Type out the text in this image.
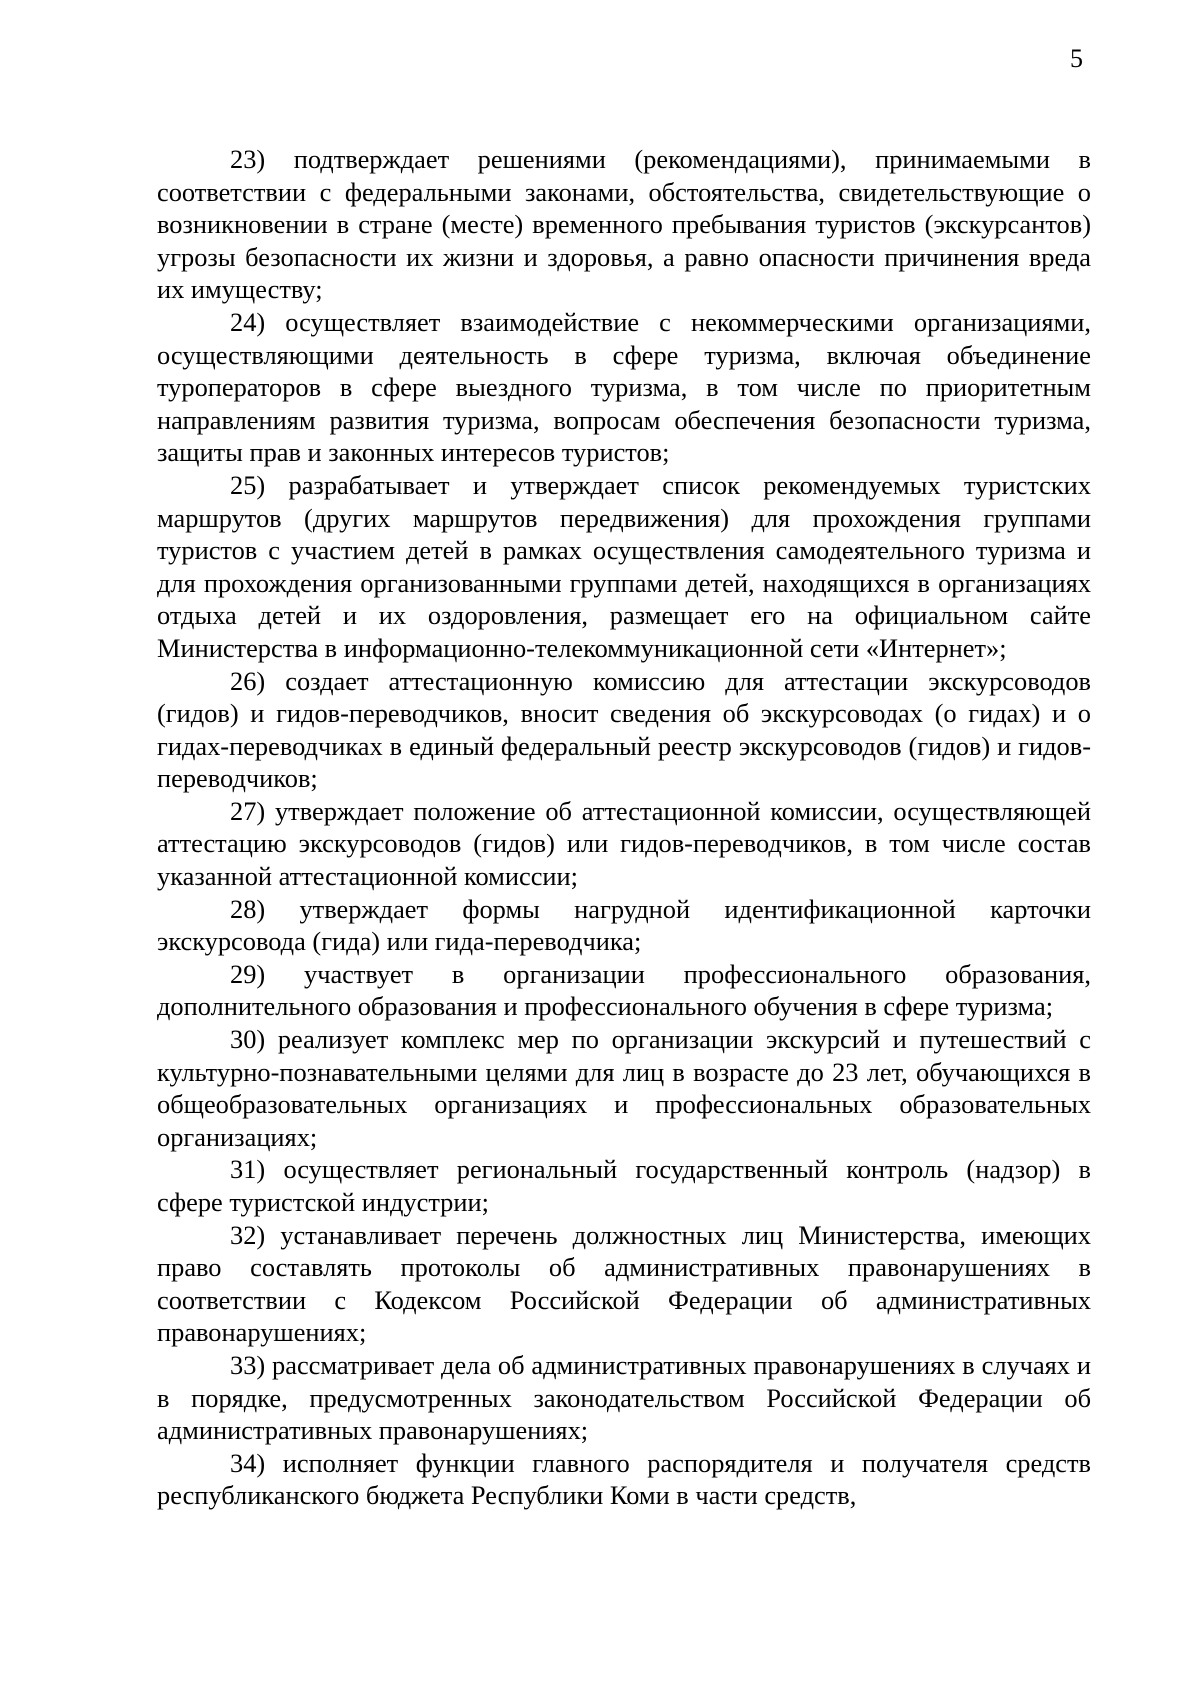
5

23) подтверждает решениями (рекомендациями), принимаемыми в соответствии с федеральными законами, обстоятельства, свидетельствующие о возникновении в стране (месте) временного пребывания туристов (экскурсантов) угрозы безопасности их жизни и здоровья, а равно опасности причинения вреда их имуществу;

24) осуществляет взаимодействие с некоммерческими организациями, осуществляющими деятельность в сфере туризма, включая объединение туроператоров в сфере выездного туризма, в том числе по приоритетным направлениям развития туризма, вопросам обеспечения безопасности туризма, защиты прав и законных интересов туристов;

25) разрабатывает и утверждает список рекомендуемых туристских маршрутов (других маршрутов передвижения) для прохождения группами туристов с участием детей в рамках осуществления самодеятельного туризма и для прохождения организованными группами детей, находящихся в организациях отдыха детей и их оздоровления, размещает его на официальном сайте Министерства в информационно-телекоммуникационной сети «Интернет»;

26) создает аттестационную комиссию для аттестации экскурсоводов (гидов) и гидов-переводчиков, вносит сведения об экскурсоводах (о гидах) и о гидах-переводчиках в единый федеральный реестр экскурсоводов (гидов) и гидов-переводчиков;

27) утверждает положение об аттестационной комиссии, осуществляющей аттестацию экскурсоводов (гидов) или гидов-переводчиков, в том числе состав указанной аттестационной комиссии;

28) утверждает формы нагрудной идентификационной карточки экскурсовода (гида) или гида-переводчика;

29) участвует в организации профессионального образования, дополнительного образования и профессионального обучения в сфере туризма;

30) реализует комплекс мер по организации экскурсий и путешествий с культурно-познавательными целями для лиц в возрасте до 23 лет, обучающихся в общеобразовательных организациях и профессиональных образовательных организациях;

31) осуществляет региональный государственный контроль (надзор) в сфере туристской индустрии;

32) устанавливает перечень должностных лиц Министерства, имеющих право составлять протоколы об административных правонарушениях в соответствии с Кодексом Российской Федерации об административных правонарушениях;

33) рассматривает дела об административных правонарушениях в случаях и в порядке, предусмотренных законодательством Российской Федерации об административных правонарушениях;

34) исполняет функции главного распорядителя и получателя средств республиканского бюджета Республики Коми в части средств,
